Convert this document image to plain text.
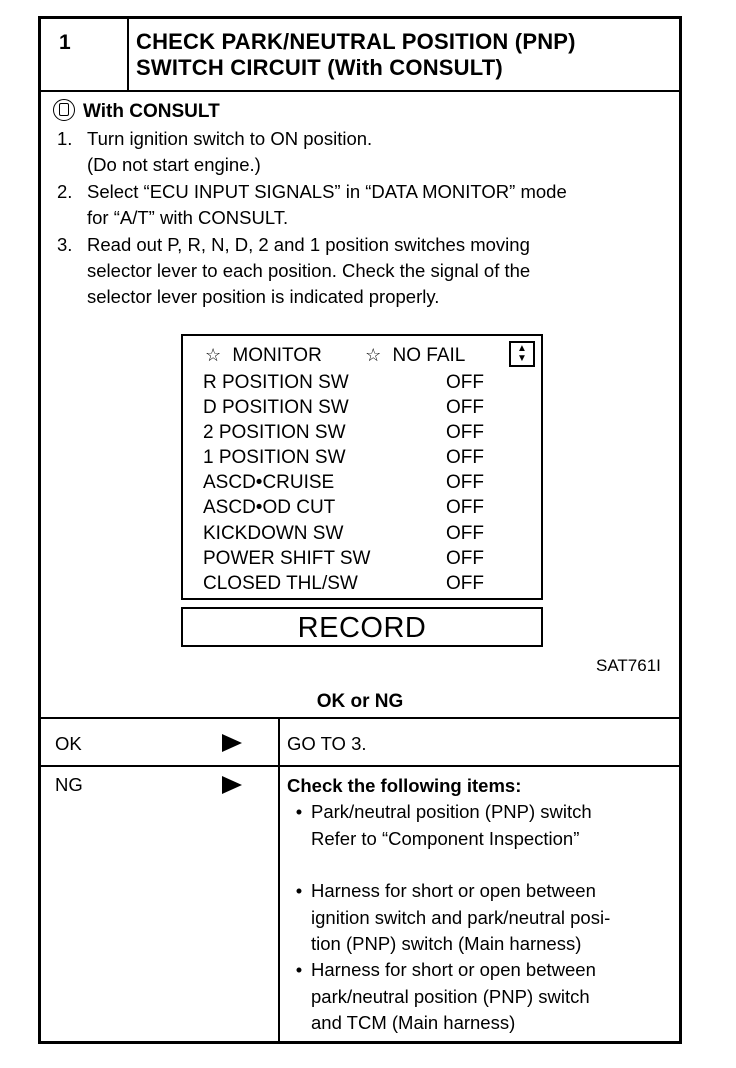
1	CHECK PARK/NEUTRAL POSITION (PNP)
SWITCH CIRCUIT (With CONSULT)
With CONSULT
1. Turn ignition switch to ON position.
(Do not start engine.)
2. Select “ECU INPUT SIGNALS” in “DATA MONITOR” mode
for “A/T” with CONSULT.
3. Read out P, R, N, D, 2 and 1 position switches moving
selector lever to each position. Check the signal of the
selector lever position is indicated properly.
☆ MONITOR ☆ NO FAIL	▲
▼
R POSITION SW	OFF
D POSITION SW	OFF
2 POSITION SW	OFF
1 POSITION SW	OFF
ASCD•CRUISE	OFF
ASCD•OD CUT	OFF
KICKDOWN SW	OFF
POWER SHIFT SW	OFF
CLOSED THL/SW	OFF
RECORD
SAT761I
OK or NG
OK	GO TO 3.
NG	Check the following items:
• Park/neutral position (PNP) switch
Refer to “Component Inspection”
• Harness for short or open between
ignition switch and park/neutral posi-
tion (PNP) switch (Main harness)
• Harness for short or open between
park/neutral position (PNP) switch
and TCM (Main harness)
